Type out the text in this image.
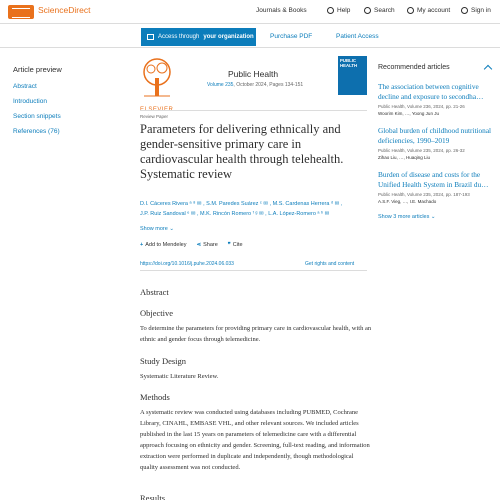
ScienceDirect	Journals & Books	Help	Search	My account	Sign in
Access through your organization	Purchase PDF	Patient Access
Article preview
Abstract
Introduction
Section snippets
References (76)
ELSEVIER
Public Health
Volume 235, October 2024, Pages 134-151
PUBLIC HEALTH
Review Paper
Parameters for delivering ethnically and gender-sensitive primary care in cardiovascular health through telehealth. Systematic review
D.I. Cáceres Rivera ᵃ ⁸ ✉ , S.M. Paredes Suárez ᶜ ✉ , M.S. Cardenas Herrera ᵈ ✉ ,
J.P. Ruiz Sandoval ᵉ ✉ , M.K. Rincón Romero ᶠ ᵍ ✉ , L.A. López-Romero ᵃ ᵇ ✉
Show more ⌄
+ Add to Mendeley ⋖ Share ❞ Cite
https://doi.org/10.1016/j.puhe.2024.06.033	Get rights and content
Abstract
Objective
To determine the parameters for providing primary care in cardiovascular health, with an ethnic and gender focus through telemedicine.
Study Design
Systematic Literature Review.
Methods
A systematic review was conducted using databases including PUBMED, Cochrane Library, CINAHL, EMBASE VHL, and other relevant sources. We included articles published in the last 15 years on parameters of telemedicine care with a differential approach focusing on ethnicity and gender. Screening, full-text reading, and information extraction were performed in duplicate and independently, though methodological quality assessment was not conducted.
Results
Recommended articles
The association between cognitive decline and exposure to secondha…
Public Health, Volume 236, 2024, pp. 21-26
Woorim Kim, …, Yoong Jun Ju
Global burden of childhood nutritional deficiencies, 1990–2019
Public Health, Volume 235, 2024, pp. 26-32
Zihao Liu, …, Huaqing Liu
Burden of disease and costs for the Unified Health System in Brazil du…
Public Health, Volume 235, 2024, pp. 187-193
A.S.F. Vieg, …, I.E. Machado
Show 3 more articles ⌄
